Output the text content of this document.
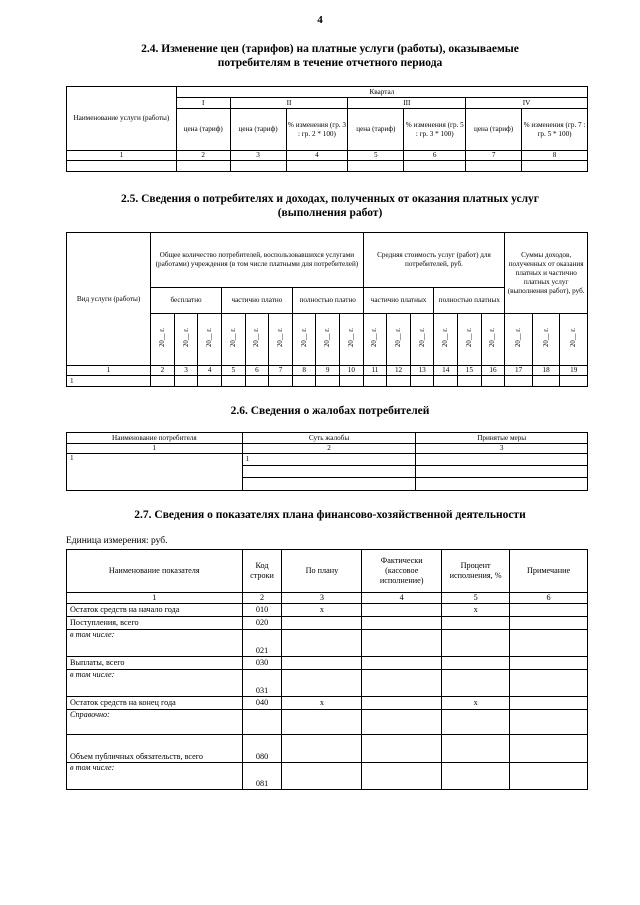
4
2.4. Изменение цен (тарифов) на платные услуги (работы), оказываемые
потребителям в течение отчетного периода
Наименование услуги (работы)	Квартал						
	I	II		III		IV	
	цена (тариф)	цена (тариф)	% изменения (гр. 3 : гр. 2 * 100)	цена (тариф)	% изменения (гр. 5 : гр. 3 * 100)	цена (тариф)	% изменения (гр. 7 : гр. 5 * 100)
1	2	3	4	5	6	7	8

2.5. Сведения о потребителях и доходах, полученных от оказания платных услуг
(выполнения работ)
Вид услуги (работы)	Общее количество потребителей, воспользовавшихся услугами (работами) учреждения (в том числе платными для потребителей)									Средняя стоимость услуг (работ) для потребителей, руб.						Суммы доходов, полученных от оказания платных и частично платных услуг (выполнения работ), руб.		
	бесплатно			частично платно			полностью платно			частично платных			полностью платных					
	20__ г.	20__ г.	20__ г.	20__ г.	20__ г.	20__ г.	20__ г.	20__ г.	20__ г.	20__ г.	20__ г.	20__ г.	20__ г.	20__ г.	20__ г.	20__ г.	20__ г.	20__ г.
1	2	3	4	5	6	7	8	9	10	11	12	13	14	15	16	17	18	19
1																		
2.6. Сведения о жалобах потребителей
Наименование потребителя	Суть жалобы	Принятые меры
1	2	3
1	1	

2.7. Сведения о показателях плана финансово-хозяйственной деятельности
Единица измерения: руб.
Наименование показателя	Код строки	По плану	Фактически (кассовое исполнение)	Процент исполнения, %	Примечание
1	2	3	4	5	6
Остаток средств на начало года	010	x		x	
Поступления, всего	020				
в том числе:	021				
Выплаты, всего	030				
в том числе:	031				
Остаток средств на конец года	040	x		x	
Справочно:					
Объем публичных обязательств, всего	080				
в том числе:	081				
